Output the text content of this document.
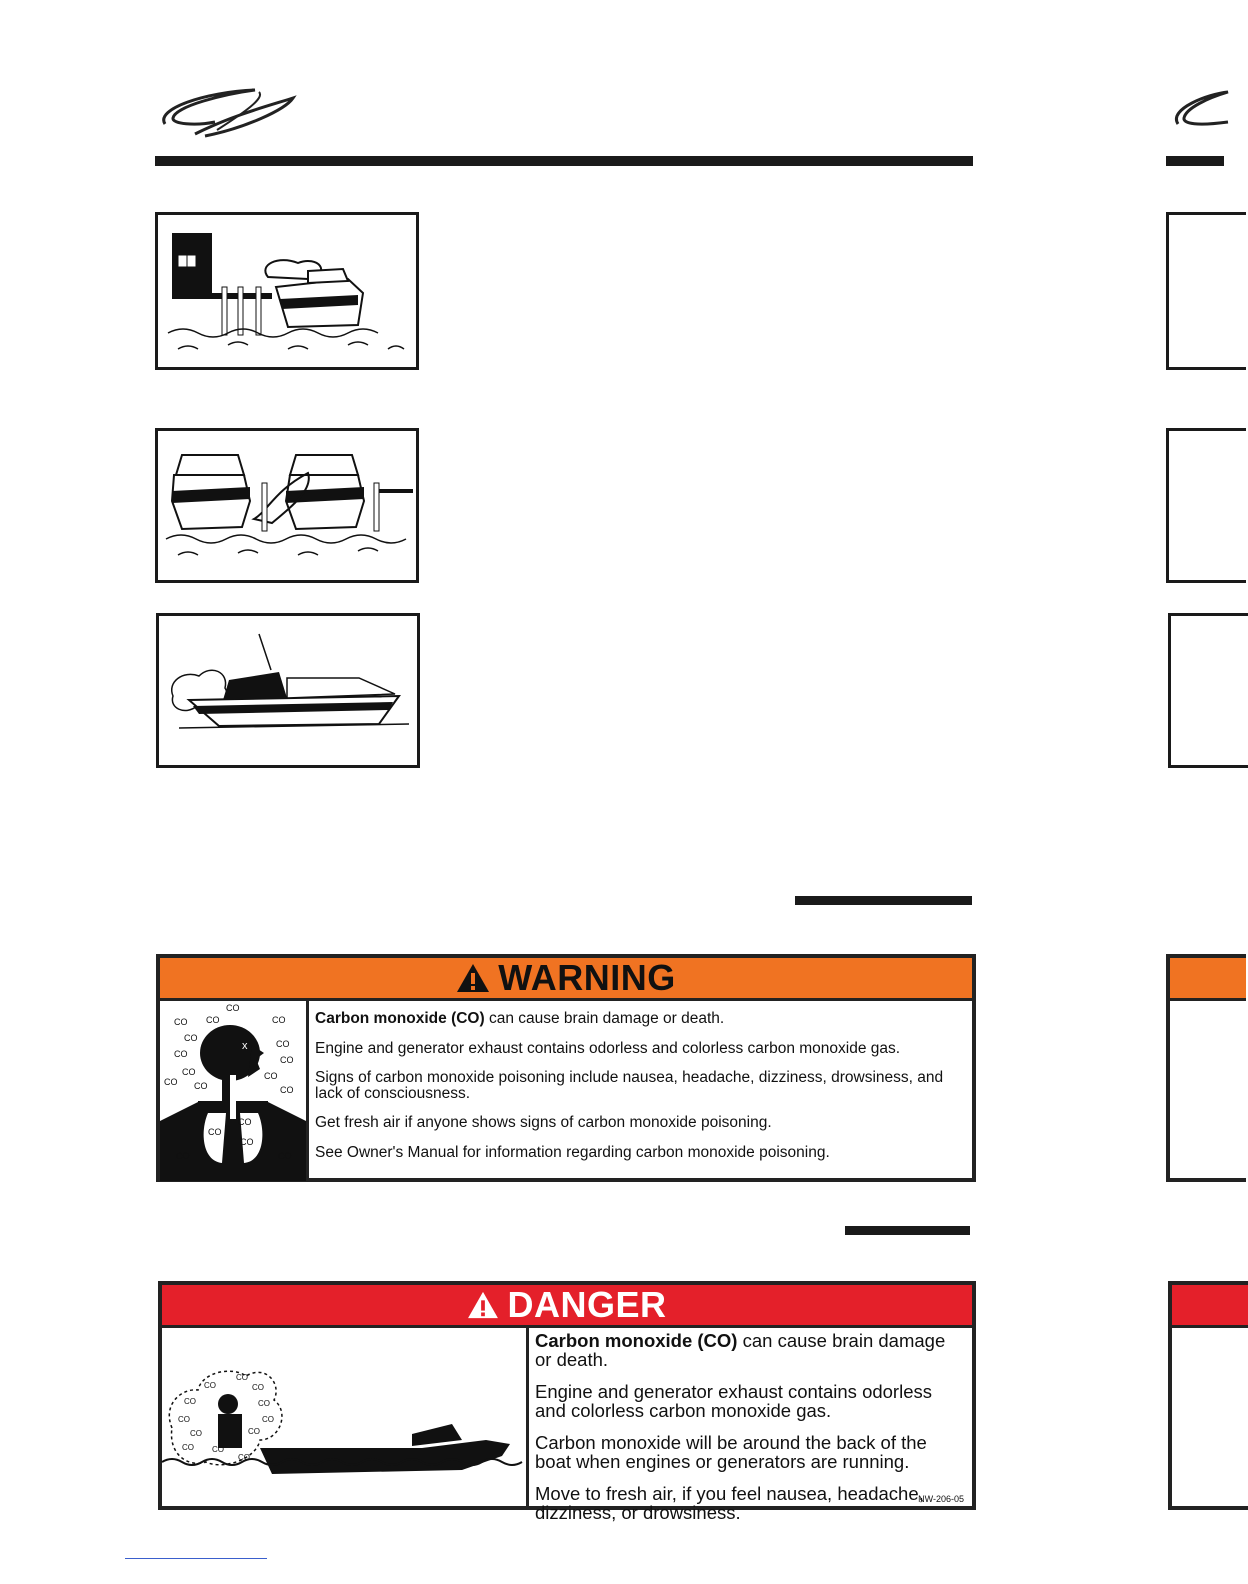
WARNING
x
CO
CO CO	CO
CO
CO
CO
CO
CO	CO
CO CO	CO
CO	CO
CO
CO
CO

Carbon monoxide (CO) can cause brain damage or death.

Engine and generator exhaust contains odorless and colorless carbon monoxide gas.

Signs of carbon monoxide poisoning include nausea, headache, dizziness, drowsiness, and lack of consciousness.

Get fresh air if anyone shows signs of carbon monoxide poisoning.

See Owner's Manual for information regarding carbon monoxide poisoning.

DANGER
CO
CO	CO
CO	CO
CO	CO
CO	CO
CO CO
CO

Carbon monoxide (CO) can cause brain damage or death.

Engine and generator exhaust contains odorless and colorless carbon monoxide gas.

Carbon monoxide will be around the back of the boat when engines or generators are running.

Move to fresh air, if you feel nausea, headache, dizziness, or drowsiness.

NW-206-05
